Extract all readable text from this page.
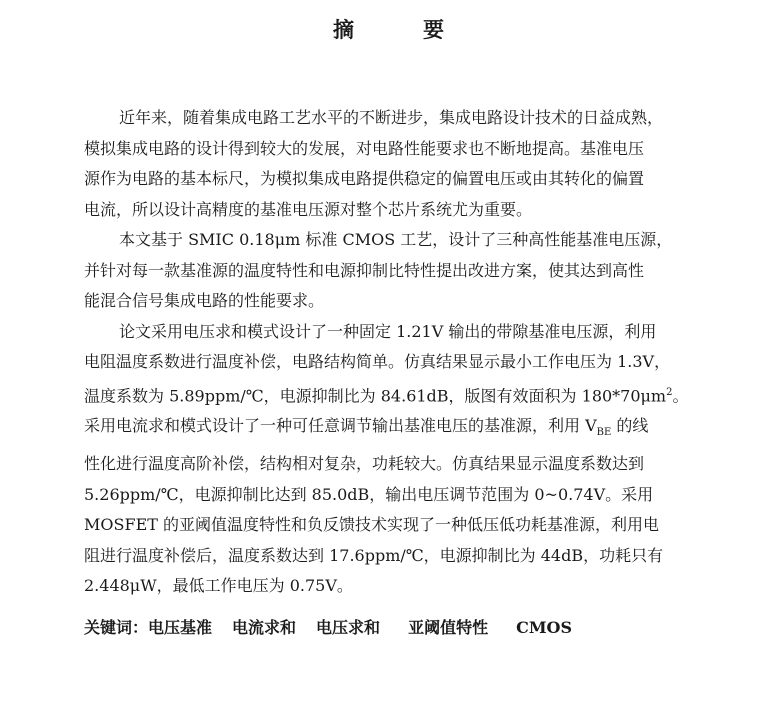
摘　要

近年来，随着集成电路工艺水平的不断进步，集成电路设计技术的日益成熟，
模拟集成电路的设计得到较大的发展，对电路性能要求也不断地提高。基准电压
源作为电路的基本标尺，为模拟集成电路提供稳定的偏置电压或由其转化的偏置
电流，所以设计高精度的基准电压源对整个芯片系统尤为重要。

本文基于 SMIC 0.18μm 标准 CMOS 工艺，设计了三种高性能基准电压源，
并针对每一款基准源的温度特性和电源抑制比特性提出改进方案，使其达到高性
能混合信号集成电路的性能要求。

论文采用电压求和模式设计了一种固定 1.21V 输出的带隙基准电压源，利用
电阻温度系数进行温度补偿，电路结构简单。仿真结果显示最小工作电压为 1.3V，
温度系数为 5.89ppm/℃，电源抑制比为 84.61dB，版图有效面积为 $180*70\mu m^2$。
采用电流求和模式设计了一种可任意调节输出基准电压的基准源，利用 $V_{BE}$ 的线
性化进行温度高阶补偿，结构相对复杂，功耗较大。仿真结果显示温度系数达到
5.26ppm/℃，电源抑制比达到 85.0dB，输出电压调节范围为 0~0.74V。采用
MOSFET 的亚阈值温度特性和负反馈技术实现了一种低压低功耗基准源，利用电
阻进行温度补偿后，温度系数达到 17.6ppm/℃，电源抑制比为 44dB，功耗只有
2.448μW，最低工作电压为 0.75V。

关键词：电压基准 电流求和 电压求和 亚阈值特性 CMOS
